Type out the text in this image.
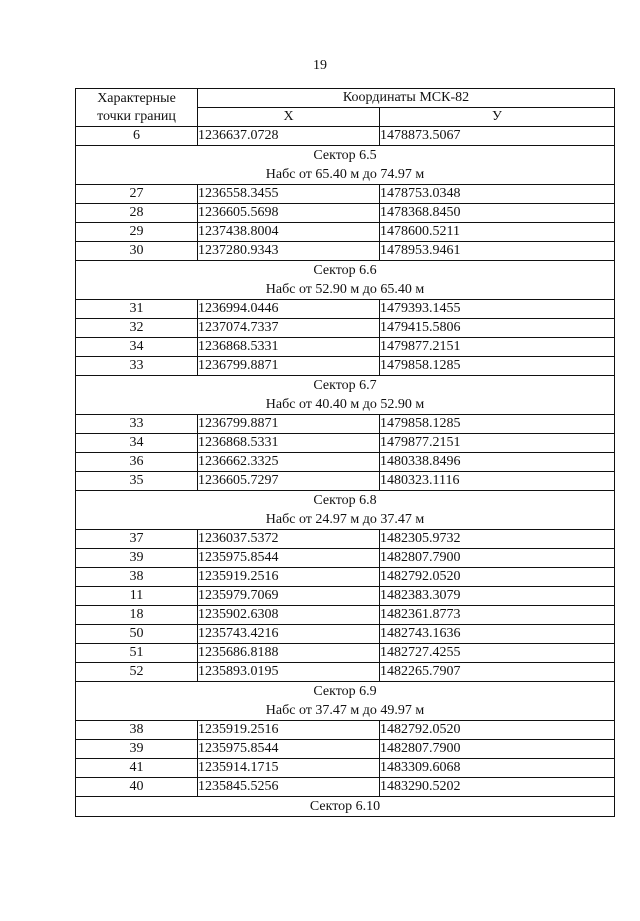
19
Характерные
точки границ	Координаты МСК-82	
	X	У
6	1236637.0728	1478873.5067

Сектор 6.5
Набс от 65.40 м до 74.97 м		

27	1236558.3455	1478753.0348
28	1236605.5698	1478368.8450
29	1237438.8004	1478600.5211
30	1237280.9343	1478953.9461

Сектор 6.6
Набс от 52.90 м до 65.40 м		

31	1236994.0446	1479393.1455
32	1237074.7337	1479415.5806
34	1236868.5331	1479877.2151
33	1236799.8871	1479858.1285

Сектор 6.7
Набс от 40.40 м до 52.90 м		

33	1236799.8871	1479858.1285
34	1236868.5331	1479877.2151
36	1236662.3325	1480338.8496
35	1236605.7297	1480323.1116

Сектор 6.8
Набс от 24.97 м до 37.47 м		

37	1236037.5372	1482305.9732
39	1235975.8544	1482807.7900
38	1235919.2516	1482792.0520
11	1235979.7069	1482383.3079
18	1235902.6308	1482361.8773
50	1235743.4216	1482743.1636
51	1235686.8188	1482727.4255
52	1235893.0195	1482265.7907

Сектор 6.9
Набс от 37.47 м до 49.97 м		

38	1235919.2516	1482792.0520
39	1235975.8544	1482807.7900
41	1235914.1715	1483309.6068
40	1235845.5256	1483290.5202

Сектор 6.10		
